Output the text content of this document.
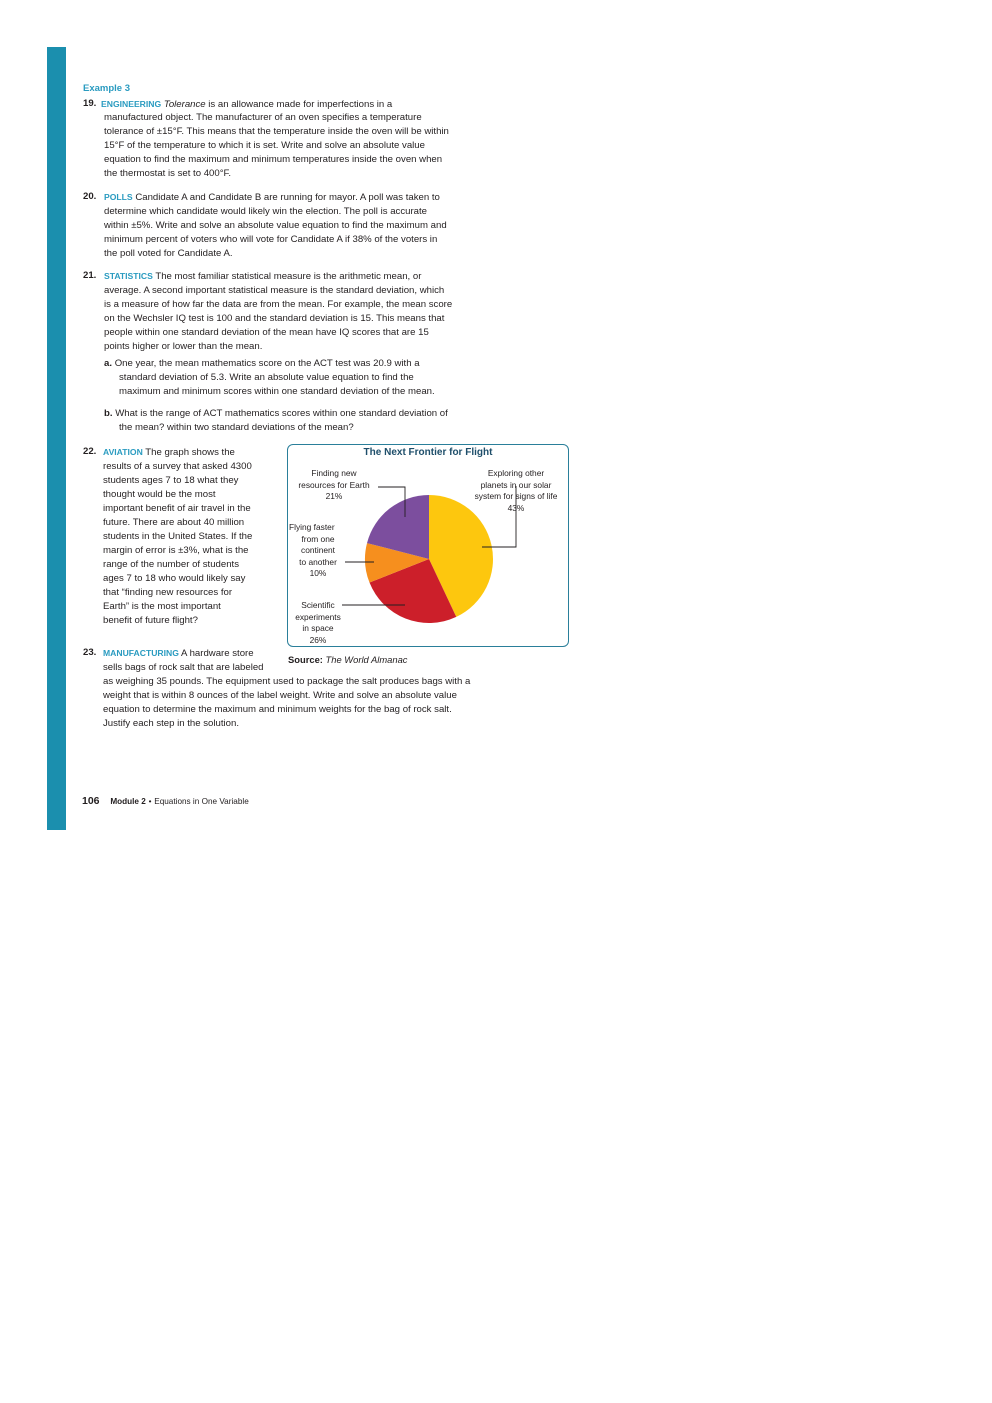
Example 3
19. ENGINEERING Tolerance is an allowance made for imperfections in a
manufactured object. The manufacturer of an oven specifies a temperature
tolerance of ±15°F. This means that the temperature inside the oven will be within
15°F of the temperature to which it is set. Write and solve an absolute value
equation to find the maximum and minimum temperatures inside the oven when
the thermostat is set to 400°F.
20. POLLS Candidate A and Candidate B are running for mayor. A poll was taken to
determine which candidate would likely win the election. The poll is accurate
within ±5%. Write and solve an absolute value equation to find the maximum and
minimum percent of voters who will vote for Candidate A if 38% of the voters in
the poll voted for Candidate A.
21. STATISTICS The most familiar statistical measure is the arithmetic mean, or
average. A second important statistical measure is the standard deviation, which
is a measure of how far the data are from the mean. For example, the mean score
on the Wechsler IQ test is 100 and the standard deviation is 15. This means that
people within one standard deviation of the mean have IQ scores that are 15
points higher or lower than the mean.
a. One year, the mean mathematics score on the ACT test was 20.9 with a
standard deviation of 5.3. Write an absolute value equation to find the
maximum and minimum scores within one standard deviation of the mean.
b. What is the range of ACT mathematics scores within one standard deviation of
the mean? within two standard deviations of the mean?
22. AVIATION The graph shows the
results of a survey that asked 4300
students ages 7 to 18 what they
thought would be the most
important benefit of air travel in the
future. There are about 40 million
students in the United States. If the
margin of error is ±3%, what is the
range of the number of students
ages 7 to 18 who would likely say
that “finding new resources for
Earth” is the most important
benefit of future flight?
The Next Frontier for Flight
Finding new
resources for Earth
21%
Exploring other
planets in our solar
system for signs of life
43%
Flying faster
from one
continent
to another
10%
Scientific
experiments
in space
26%
Source: The World Almanac
23. MANUFACTURING A hardware store
sells bags of rock salt that are labeled
as weighing 35 pounds. The equipment used to package the salt produces bags with a
weight that is within 8 ounces of the label weight. Write and solve an absolute value
equation to determine the maximum and minimum weights for the bag of rock salt.
Justify each step in the solution.
106 Module 2 • Equations in One Variable
